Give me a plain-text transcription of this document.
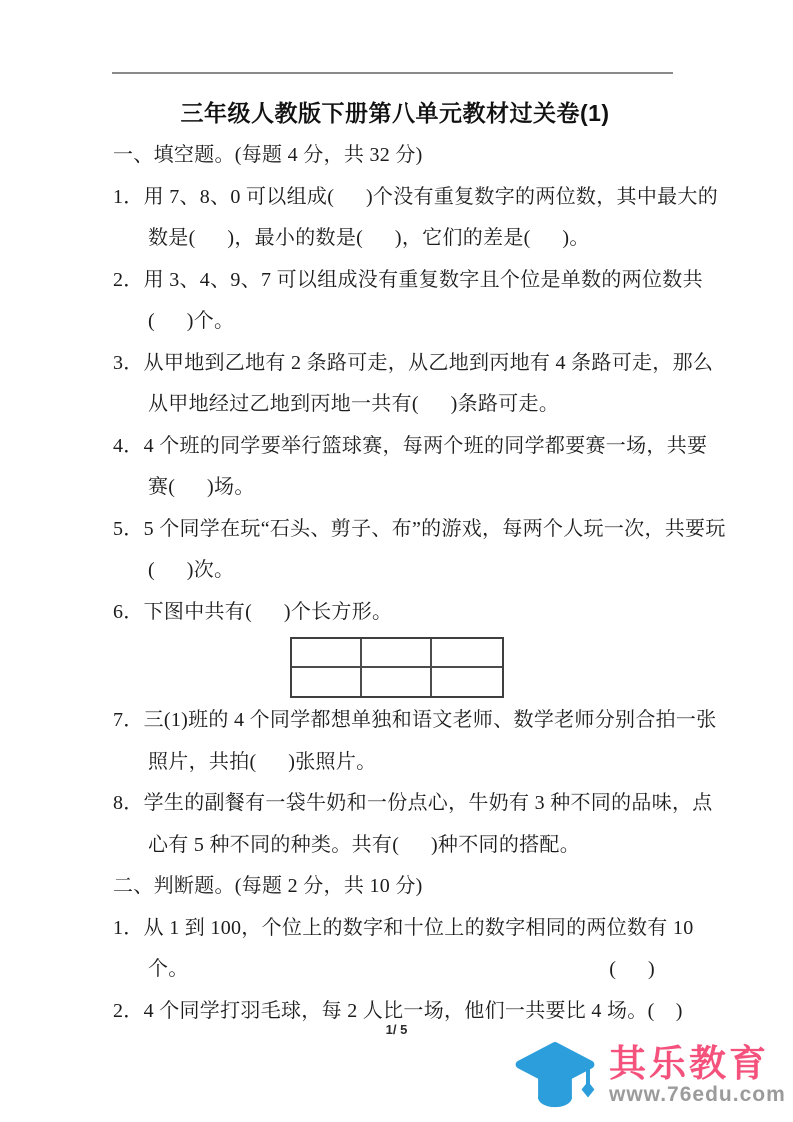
三年级人教版下册第八单元教材过关卷(1)
一、填空题。(每题 4 分，共 32 分)
1．用 7、8、0 可以组成(      )个没有重复数字的两位数，其中最大的
数是(      )，最小的数是(      )，它们的差是(      )。
2．用 3、4、9、7 可以组成没有重复数字且个位是单数的两位数共
(      )个。
3．从甲地到乙地有 2 条路可走，从乙地到丙地有 4 条路可走，那么
从甲地经过乙地到丙地一共有(      )条路可走。
4．4 个班的同学要举行篮球赛，每两个班的同学都要赛一场，共要
赛(      )场。
5．5 个同学在玩“石头、剪子、布”的游戏，每两个人玩一次，共要玩
(      )次。
6．下图中共有(      )个长方形。
7．三(1)班的 4 个同学都想单独和语文老师、数学老师分别合拍一张
照片，共拍(      )张照片。
8．学生的副餐有一袋牛奶和一份点心，牛奶有 3 种不同的品味，点
心有 5 种不同的种类。共有(      )种不同的搭配。
二、判断题。(每题 2 分，共 10 分)
1．从 1 到 100，个位上的数字和十位上的数字相同的两位数有 10
个。	(      )
2．4 个同学打羽毛球，每 2 人比一场，他们一共要比 4 场。(    )
1/ 5
其乐教育
www.76edu.com
